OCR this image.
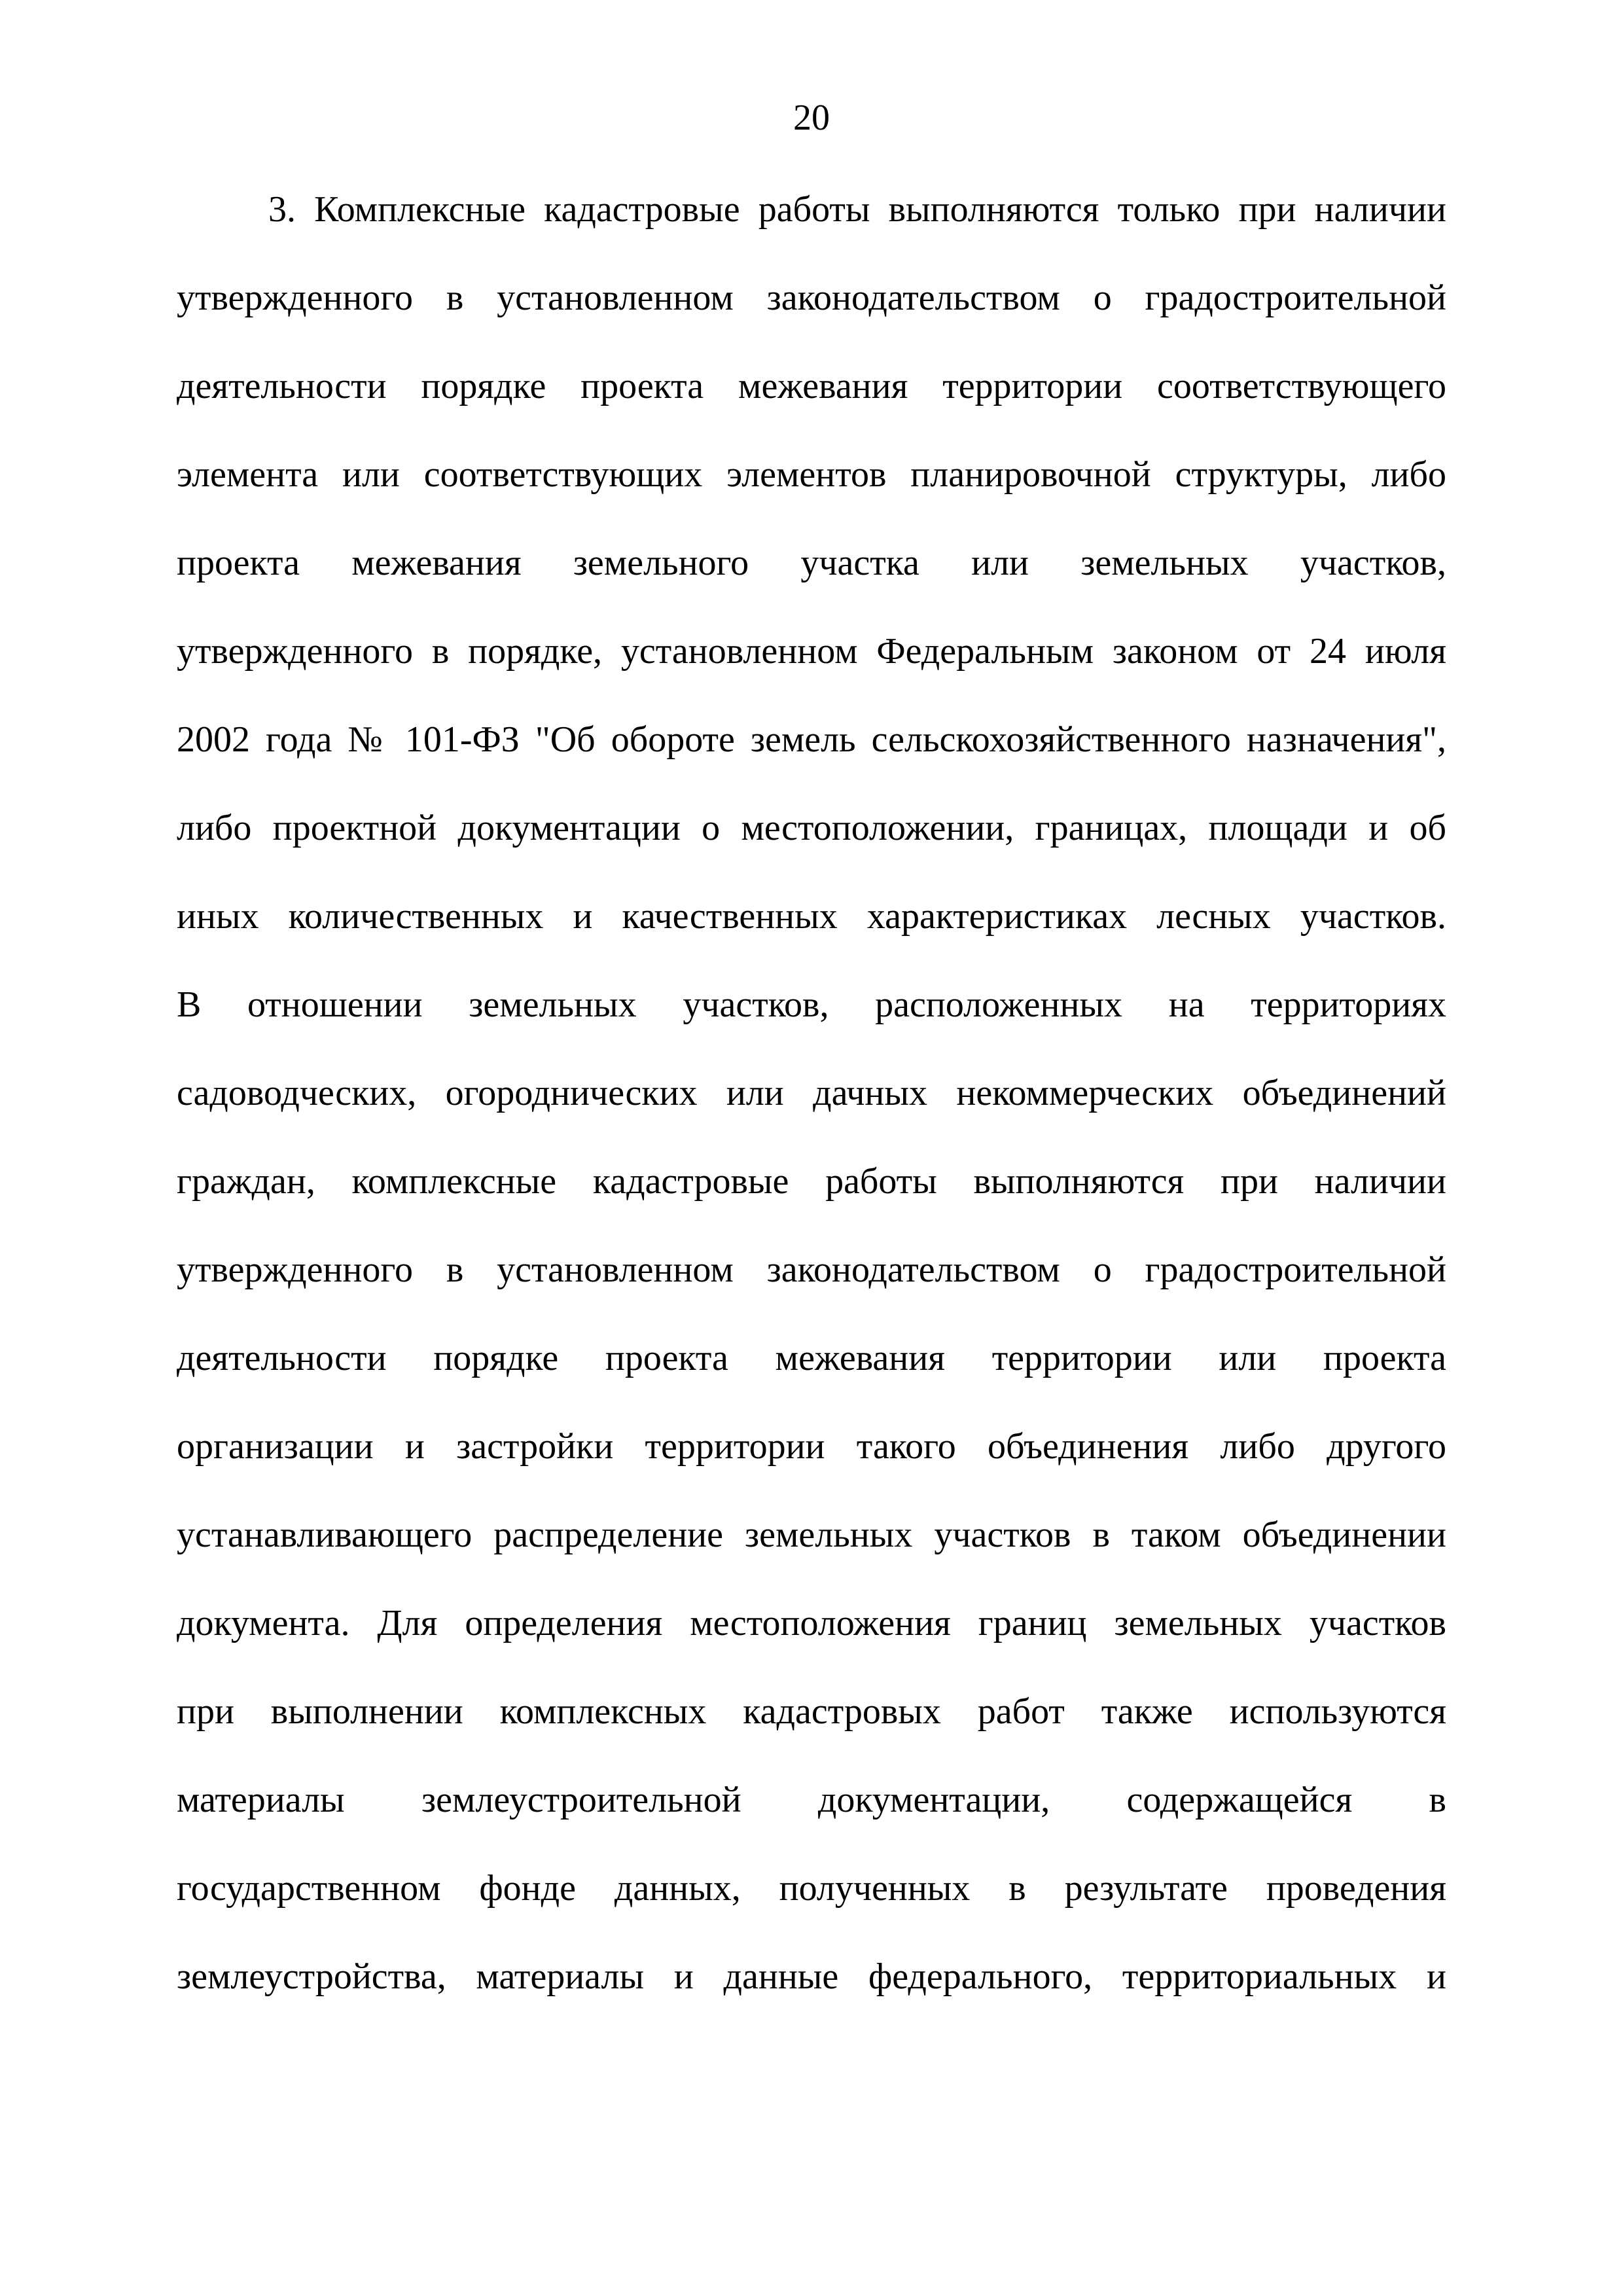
20
3. Комплексные кадастровые работы выполняются только при наличии
утвержденного в установленном законодательством о градостроительной
деятельности порядке проекта межевания территории соответствующего
элемента или соответствующих элементов планировочной структуры, либо
проекта межевания земельного участка или земельных участков,
утвержденного в порядке, установленном Федеральным законом от 24 июля
2002 года № 101-ФЗ "Об обороте земель сельскохозяйственного назначения",
либо проектной документации о местоположении, границах, площади и об
иных количественных и качественных характеристиках лесных участков.
В отношении земельных участков, расположенных на территориях
садоводческих, огороднических или дачных некоммерческих объединений
граждан, комплексные кадастровые работы выполняются при наличии
утвержденного в установленном законодательством о градостроительной
деятельности порядке проекта межевания территории или проекта
организации и застройки территории такого объединения либо другого
устанавливающего распределение земельных участков в таком объединении
документа. Для определения местоположения границ земельных участков
при выполнении комплексных кадастровых работ также используются
материалы землеустроительной документации, содержащейся в
государственном фонде данных, полученных в результате проведения
землеустройства, материалы и данные федерального, территориальных и
